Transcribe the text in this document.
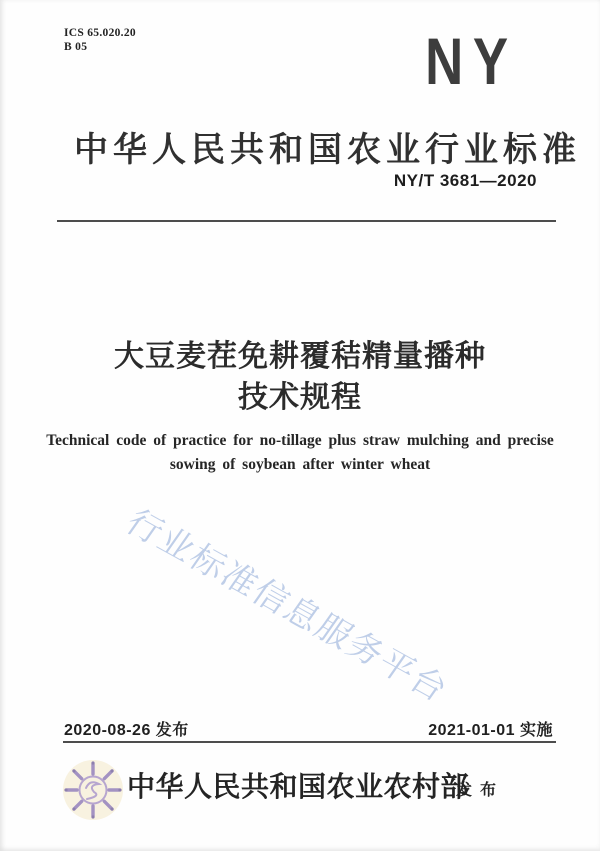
ICS 65.020.20
B 05	NY
中华人民共和国农业行业标准
NY/T 3681—2020
大豆麦茬免耕覆秸精量播种
技术规程
Technical code of practice for no-tillage plus straw mulching and precise
sowing of soybean after winter wheat
行业标准信息服务平台
2020-08-26 发布	2021-01-01 实施
中华人民共和国农业农村部
发布
